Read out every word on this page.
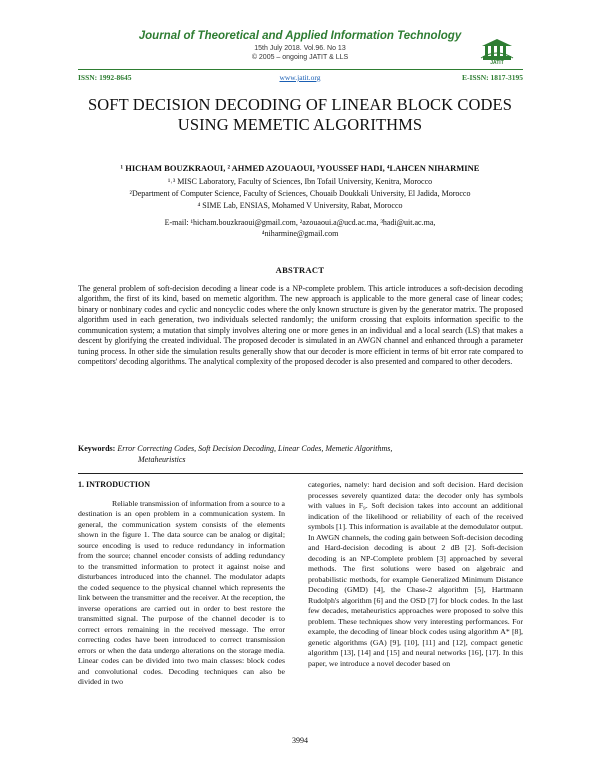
Journal of Theoretical and Applied Information Technology
15th July 2018. Vol.96. No 13
© 2005 – ongoing JATIT & LLS
JATIT
ISSN: 1992-8645	www.jatit.org	E-ISSN: 1817-3195
SOFT DECISION DECODING OF LINEAR BLOCK CODES
USING MEMETIC ALGORITHMS
¹ HICHAM BOUZKRAOUI, ² AHMED AZOUAOUI, ³YOUSSEF HADI, ⁴LAHCEN NIHARMINE
¹˒³ MISC Laboratory, Faculty of Sciences, Ibn Tofail University, Kenitra, Morocco
²Department of Computer Science, Faculty of Sciences, Chouaib Doukkali University, El Jadida, Morocco
⁴ SIME Lab, ENSIAS, Mohamed V University, Rabat, Morocco
E-mail: ¹hicham.bouzkraoui@gmail.com, ²azouaoui.a@ucd.ac.ma, ³hadi@uit.ac.ma,
⁴niharmine@gmail.com
ABSTRACT
The general problem of soft-decision decoding a linear code is a NP-complete problem. This article introduces a soft-decision decoding algorithm, the first of its kind, based on memetic algorithm. The new approach is applicable to the more general case of linear codes; binary or nonbinary codes and cyclic and noncyclic codes where the only known structure is given by the generator matrix. The proposed algorithm used in each generation, two individuals selected randomly; the uniform crossing that exploits information specific to the communication system; a mutation that simply involves altering one or more genes in an individual and a local search (LS) that makes a descent by glorifying the created individual. The proposed decoder is simulated in an AWGN channel and enhanced through a parameter tuning process. In other side the simulation results generally show that our decoder is more efficient in terms of bit error rate compared to competitors' decoding algorithms. The analytical complexity of the proposed decoder is also presented and compared to other decoders.
Keywords: Error Correcting Codes, Soft Decision Decoding, Linear Codes, Memetic Algorithms,
Metaheuristics
1. INTRODUCTION

Reliable transmission of information from a source to a destination is an open problem in a communication system. In general, the communication system consists of the elements shown in the figure 1. The data source can be analog or digital; source encoding is used to reduce redundancy in information from the source; channel encoder consists of adding redundancy to the transmitted information to protect it against noise and disturbances introduced into the channel. The modulator adapts the coded sequence to the physical channel which represents the link between the transmitter and the receiver. At the reception, the inverse operations are carried out in order to best restore the transmitted signal. The purpose of the channel decoder is to correct errors remaining in the received message. The error correcting codes have been introduced to correct transmission errors or when the data undergo alterations on the storage media. Linear codes can be divided into two main classes: block codes and convolutional codes. Decoding techniques can also be divided in two

categories, namely: hard decision and soft decision. Hard decision processes severely quantized data: the decoder only has symbols with values in F₉. Soft decision takes into account an additional indication of the likelihood or reliability of each of the received symbols [1]. This information is available at the demodulator output. In AWGN channels, the coding gain between Soft-decision decoding and Hard-decision decoding is about 2 dB [2]. Soft-decision decoding is an NP-Complete problem [3] approached by several methods. The first solutions were based on algebraic and probabilistic methods, for example Generalized Minimum Distance Decoding (GMD) [4], the Chase-2 algorithm [5], Hartmann Rudolph's algorithm [6] and the OSD [7] for block codes. In the last few decades, metaheuristics approaches were proposed to solve this problem. These techniques show very interesting performances. For example, the decoding of linear block codes using algorithm A* [8], genetic algorithms (GA) [9], [10], [11] and [12], compact genetic algorithm [13], [14] and [15] and neural networks [16], [17]. In this paper, we introduce a novel decoder based on

3994
